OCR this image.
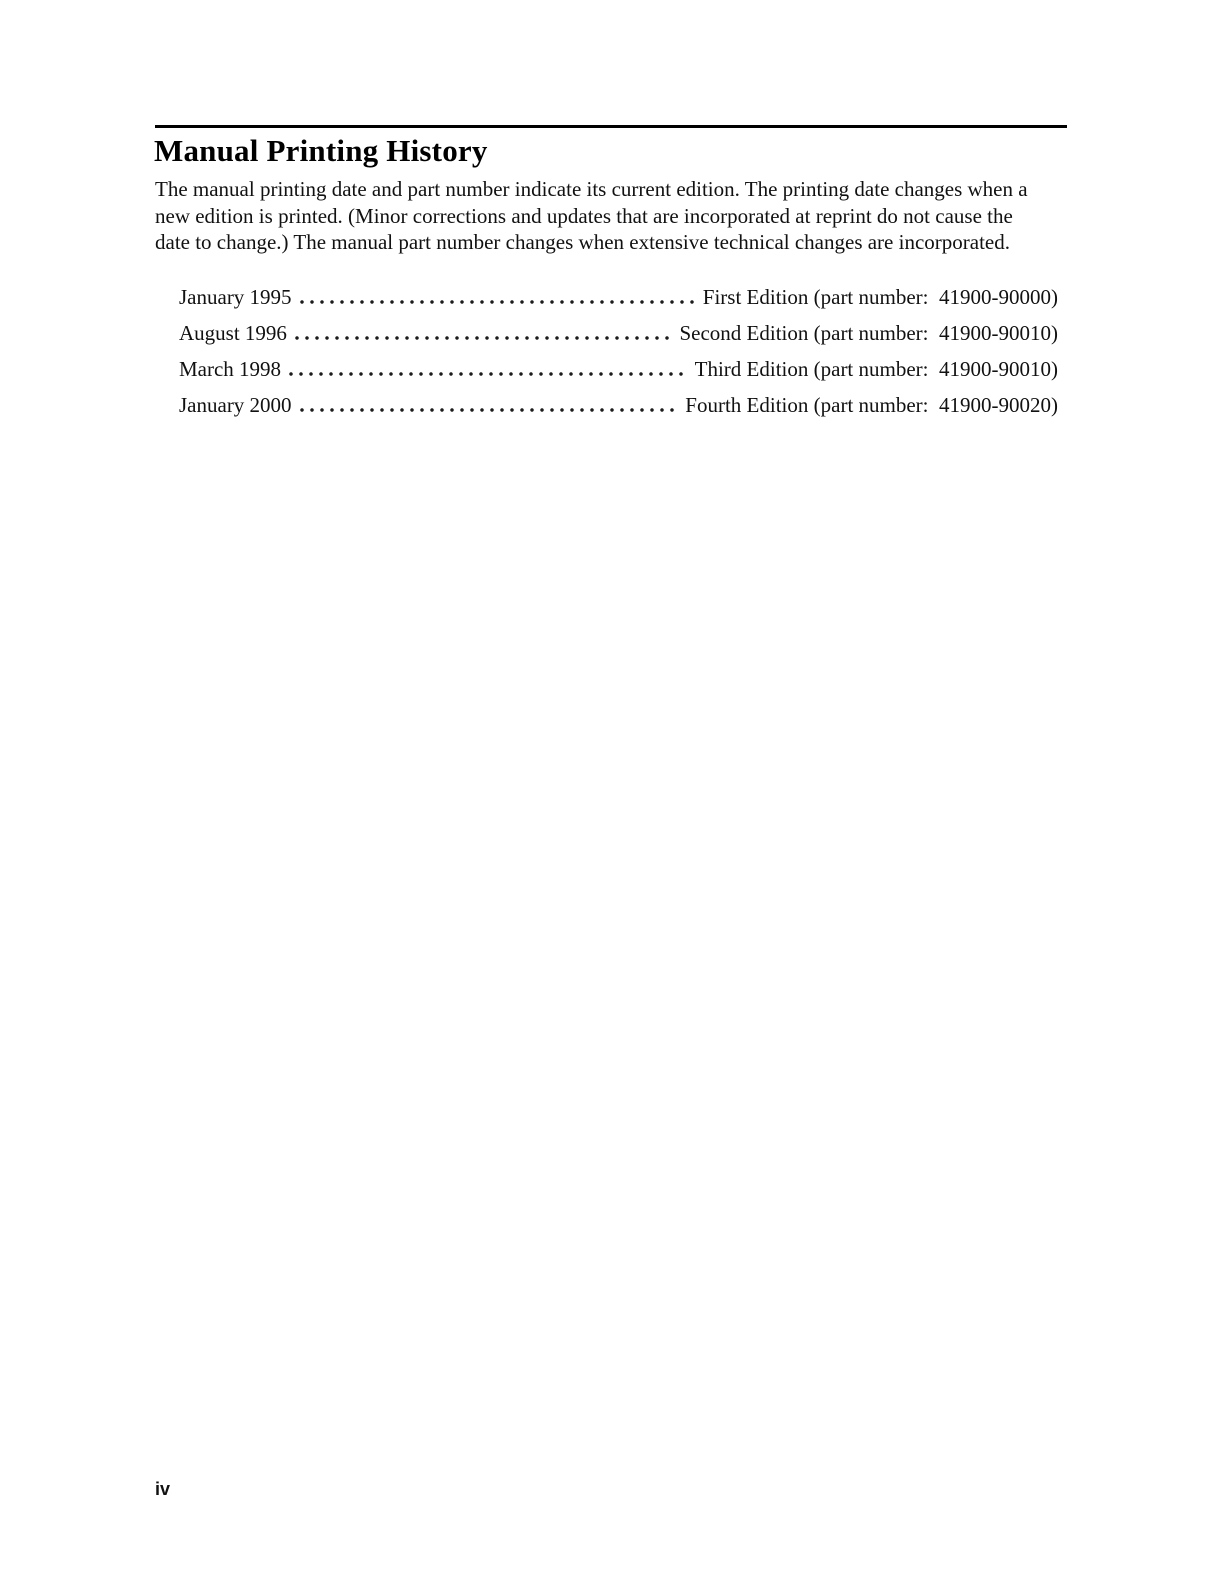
Manual Printing History

The manual printing date and part number indicate its current edition. The printing date changes when a new edition is printed. (Minor corrections and updates that are incorporated at reprint do not cause the date to change.) The manual part number changes when extensive technical changes are incorporated.

January 1995	First Edition (part number:  41900-90000)
August 1996	Second Edition (part number:  41900-90010)
March 1998	Third Edition (part number:  41900-90010)
January 2000	Fourth Edition (part number:  41900-90020)
iv
